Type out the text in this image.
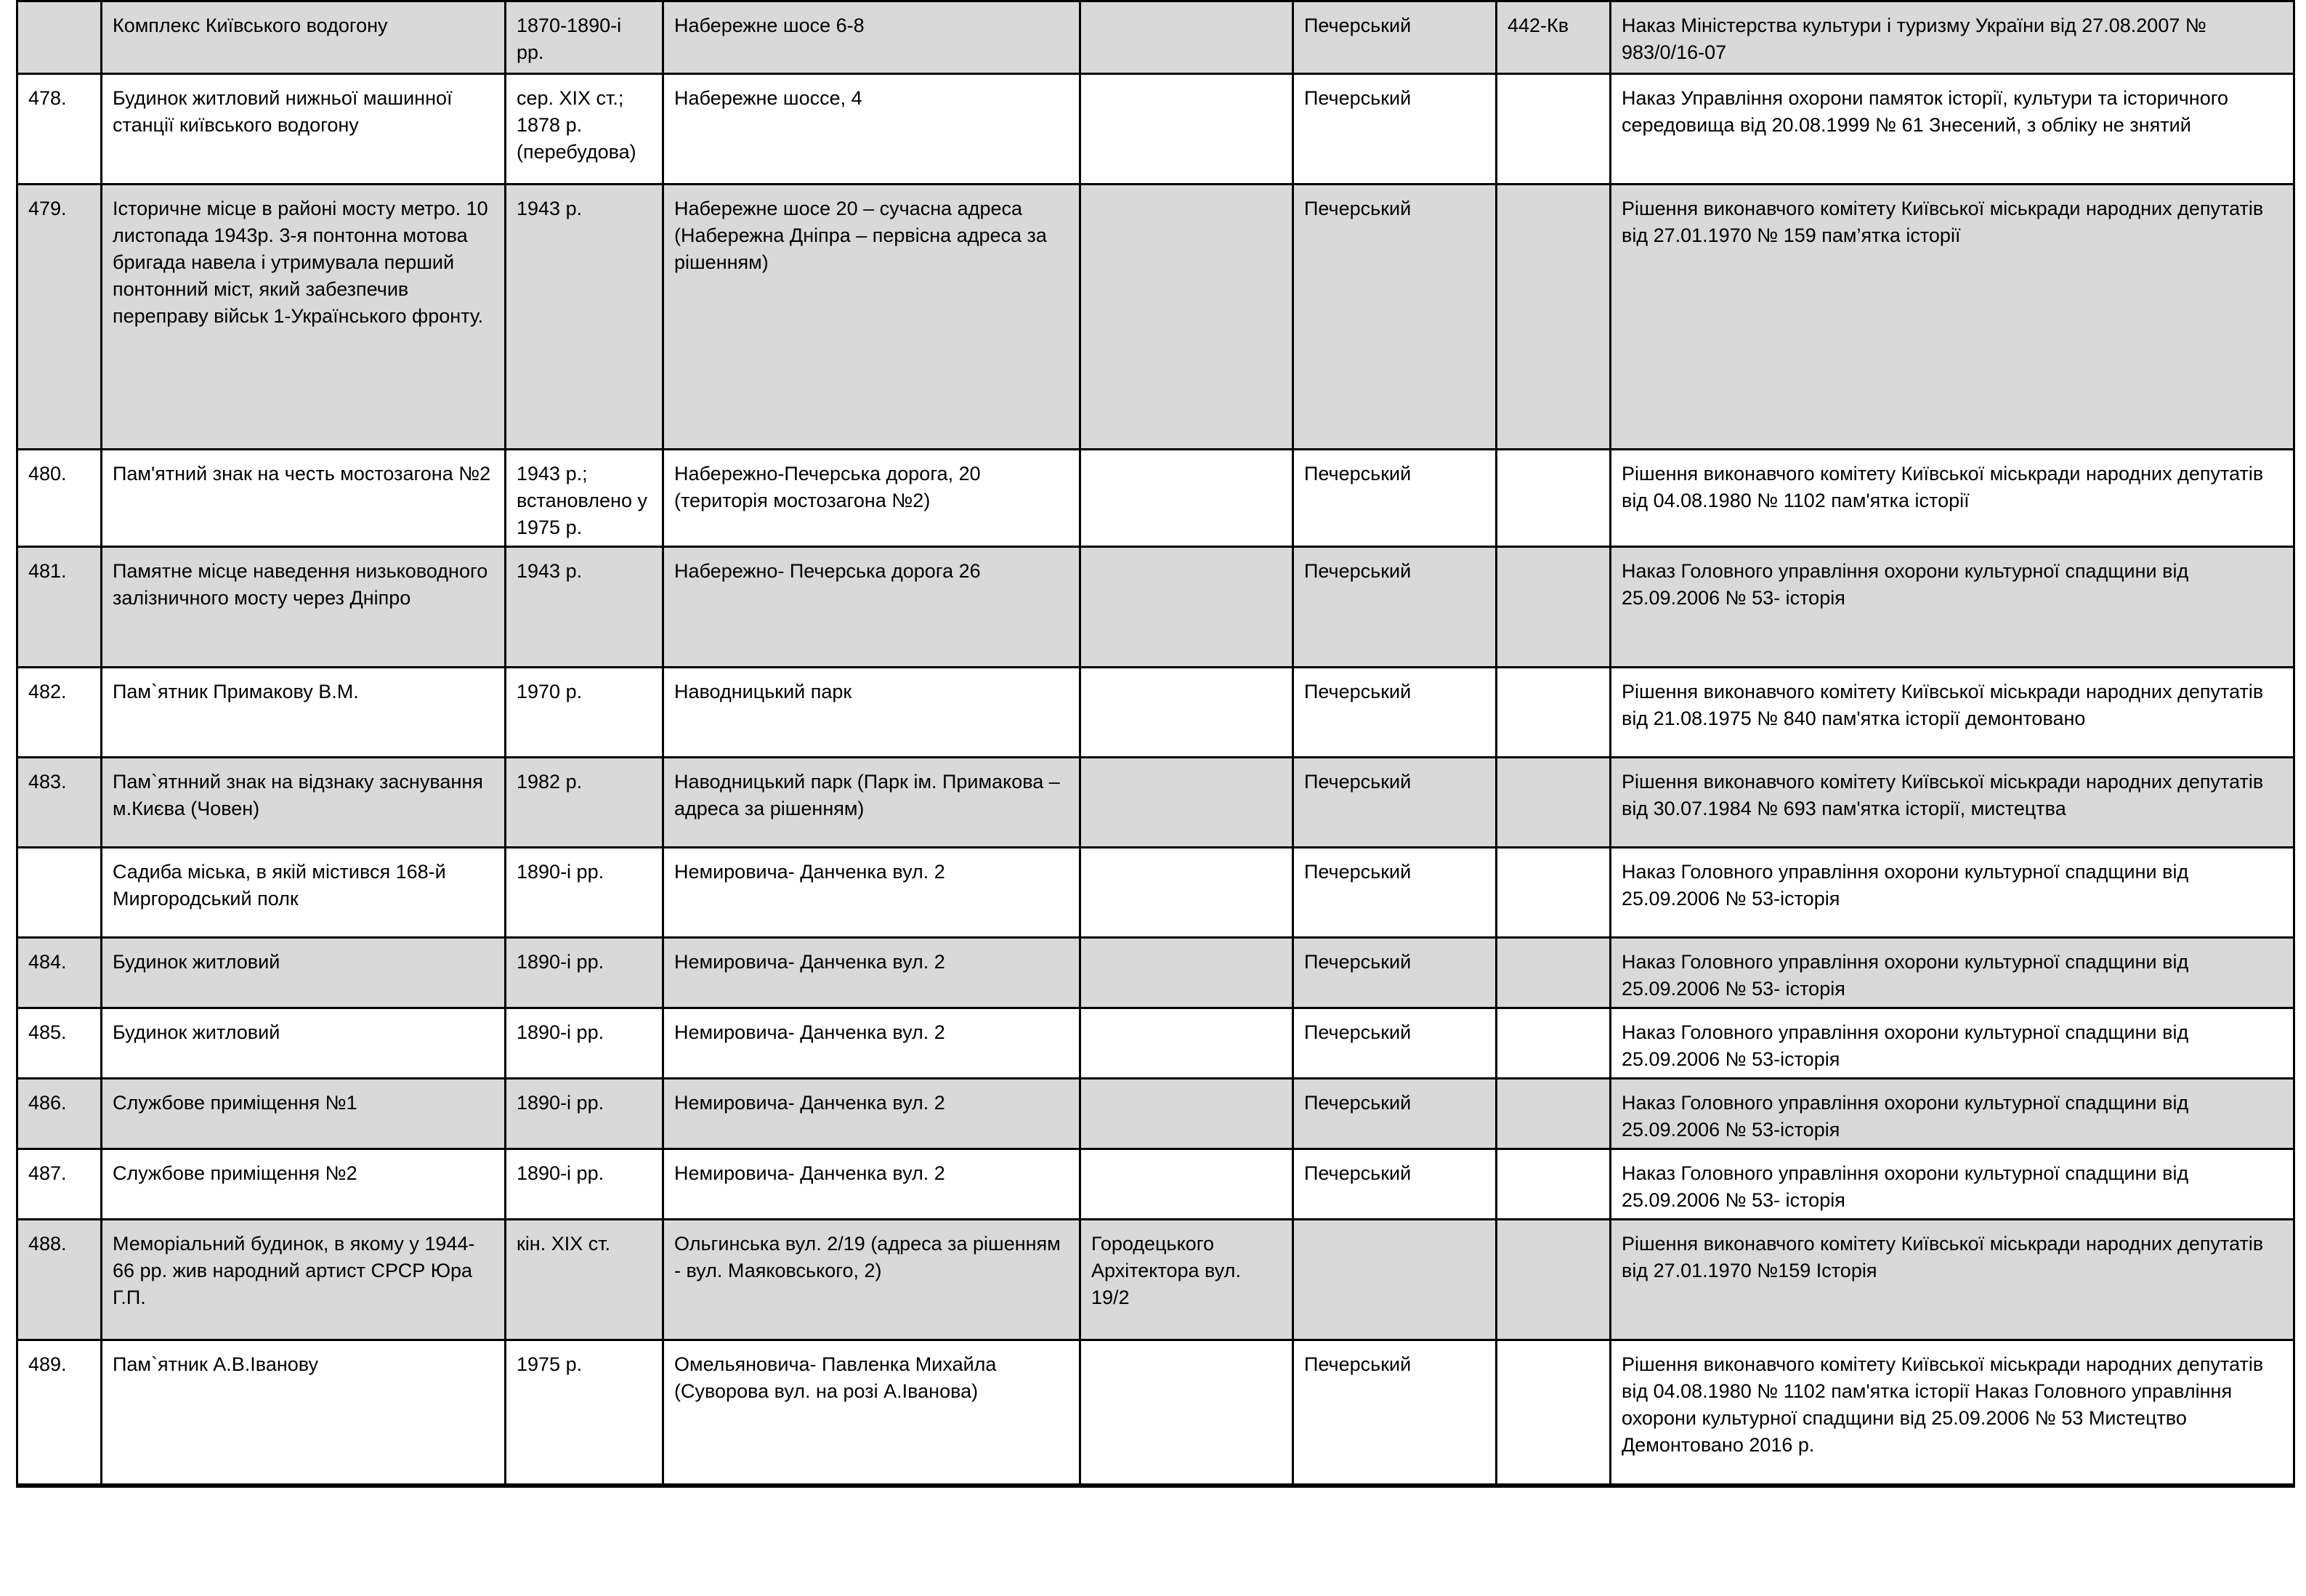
	Комплекс Київського водогону	1870-1890-і рр.	Набережне шосе 6-8		Печерський	442-Кв	Наказ Міністерства культури і туризму України від 27.08.2007 № 983/0/16-07
478.	Будинок житловий нижньої машинної станції київського водогону	сер. XIX ст.; 1878 р.(перебудова)	Набережне шоссе, 4		Печерський		Наказ Управління охорони памяток історії, культури та історичного середовища від 20.08.1999 № 61 Знесений, з обліку не знятий
479.	Історичне місце в районі мосту метро. 10 листопада 1943р. 3-я понтонна мотова бригада навела і утримувала перший понтонний міст, який забезпечив переправу військ 1-Українського фронту.	1943 р.	Набережне шосе 20 – сучасна адреса (Набережна Дніпра – первісна адреса за рішенням)		Печерський		Рішення виконавчого комітету Київської міськради народних депутатів від 27.01.1970 № 159 пам’ятка історії
480.	Пам'ятний знак на честь мостозагона №2	1943 р.; встановлено у 1975 р.	Набережно-Печерська дорога, 20 (територія мостозагона №2)		Печерський		Рішення виконавчого комітету Київської міськради народних депутатів від 04.08.1980 № 1102 пам'ятка історії
481.	Памятне місце наведення низьководного залізничного мосту через Дніпро	1943 р.	Набережно- Печерська дорога 26		Печерський		Наказ Головного управління охорони культурної спадщини від 25.09.2006 № 53- історія
482.	Пам`ятник Примакову В.М.	1970 р.	Наводницький парк		Печерський		Рішення виконавчого комітету Київської міськради народних депутатів від 21.08.1975 № 840 пам'ятка історії демонтовано
483.	Пам`ятнний знак на відзнаку заснування м.Києва (Човен)	1982 р.	Наводницький парк (Парк ім. Примакова – адреса за рішенням)		Печерський		Рішення виконавчого комітету Київської міськради народних депутатів від 30.07.1984 № 693 пам'ятка історії, мистецтва
	Садиба міська, в якій містився 168-й Миргородський полк	1890-і рр.	Немировича- Данченка вул. 2		Печерський		Наказ Головного управління охорони культурної спадщини від 25.09.2006 № 53-історія
484.	Будинок житловий	1890-і рр.	Немировича- Данченка вул. 2		Печерський		Наказ Головного управління охорони культурної спадщини від 25.09.2006 № 53- історія
485.	Будинок житловий	1890-і рр.	Немировича- Данченка вул. 2		Печерський		Наказ Головного управління охорони культурної спадщини від 25.09.2006 № 53-історія
486.	Службове приміщення №1	1890-і рр.	Немировича- Данченка вул. 2		Печерський		Наказ Головного управління охорони культурної спадщини від 25.09.2006 № 53-історія
487.	Службове приміщення №2	1890-і рр.	Немировича- Данченка вул. 2		Печерський		Наказ Головного управління охорони культурної спадщини від 25.09.2006 № 53- історія
488.	Меморіальний будинок, в якому у 1944-66 рр. жив народний артист СРСР Юра Г.П.	кін. XIX ст.	Ольгинська вул. 2/19 (адреса за рішенням - вул. Маяковського, 2)	Городецького Архітектора вул. 19/2			Рішення виконавчого комітету Київської міськради народних депутатів від 27.01.1970 №159 Історія
489.	Пам`ятник А.В.Іванову	1975 р.	Омельяновича- Павленка Михайла (Суворова вул. на розі А.Іванова)		Печерський		Рішення виконавчого комітету Київської міськради народних депутатів від 04.08.1980 № 1102 пам'ятка історії Наказ Головного управління охорони культурної спадщини від 25.09.2006 № 53 Мистецтво Демонтовано 2016 р.
